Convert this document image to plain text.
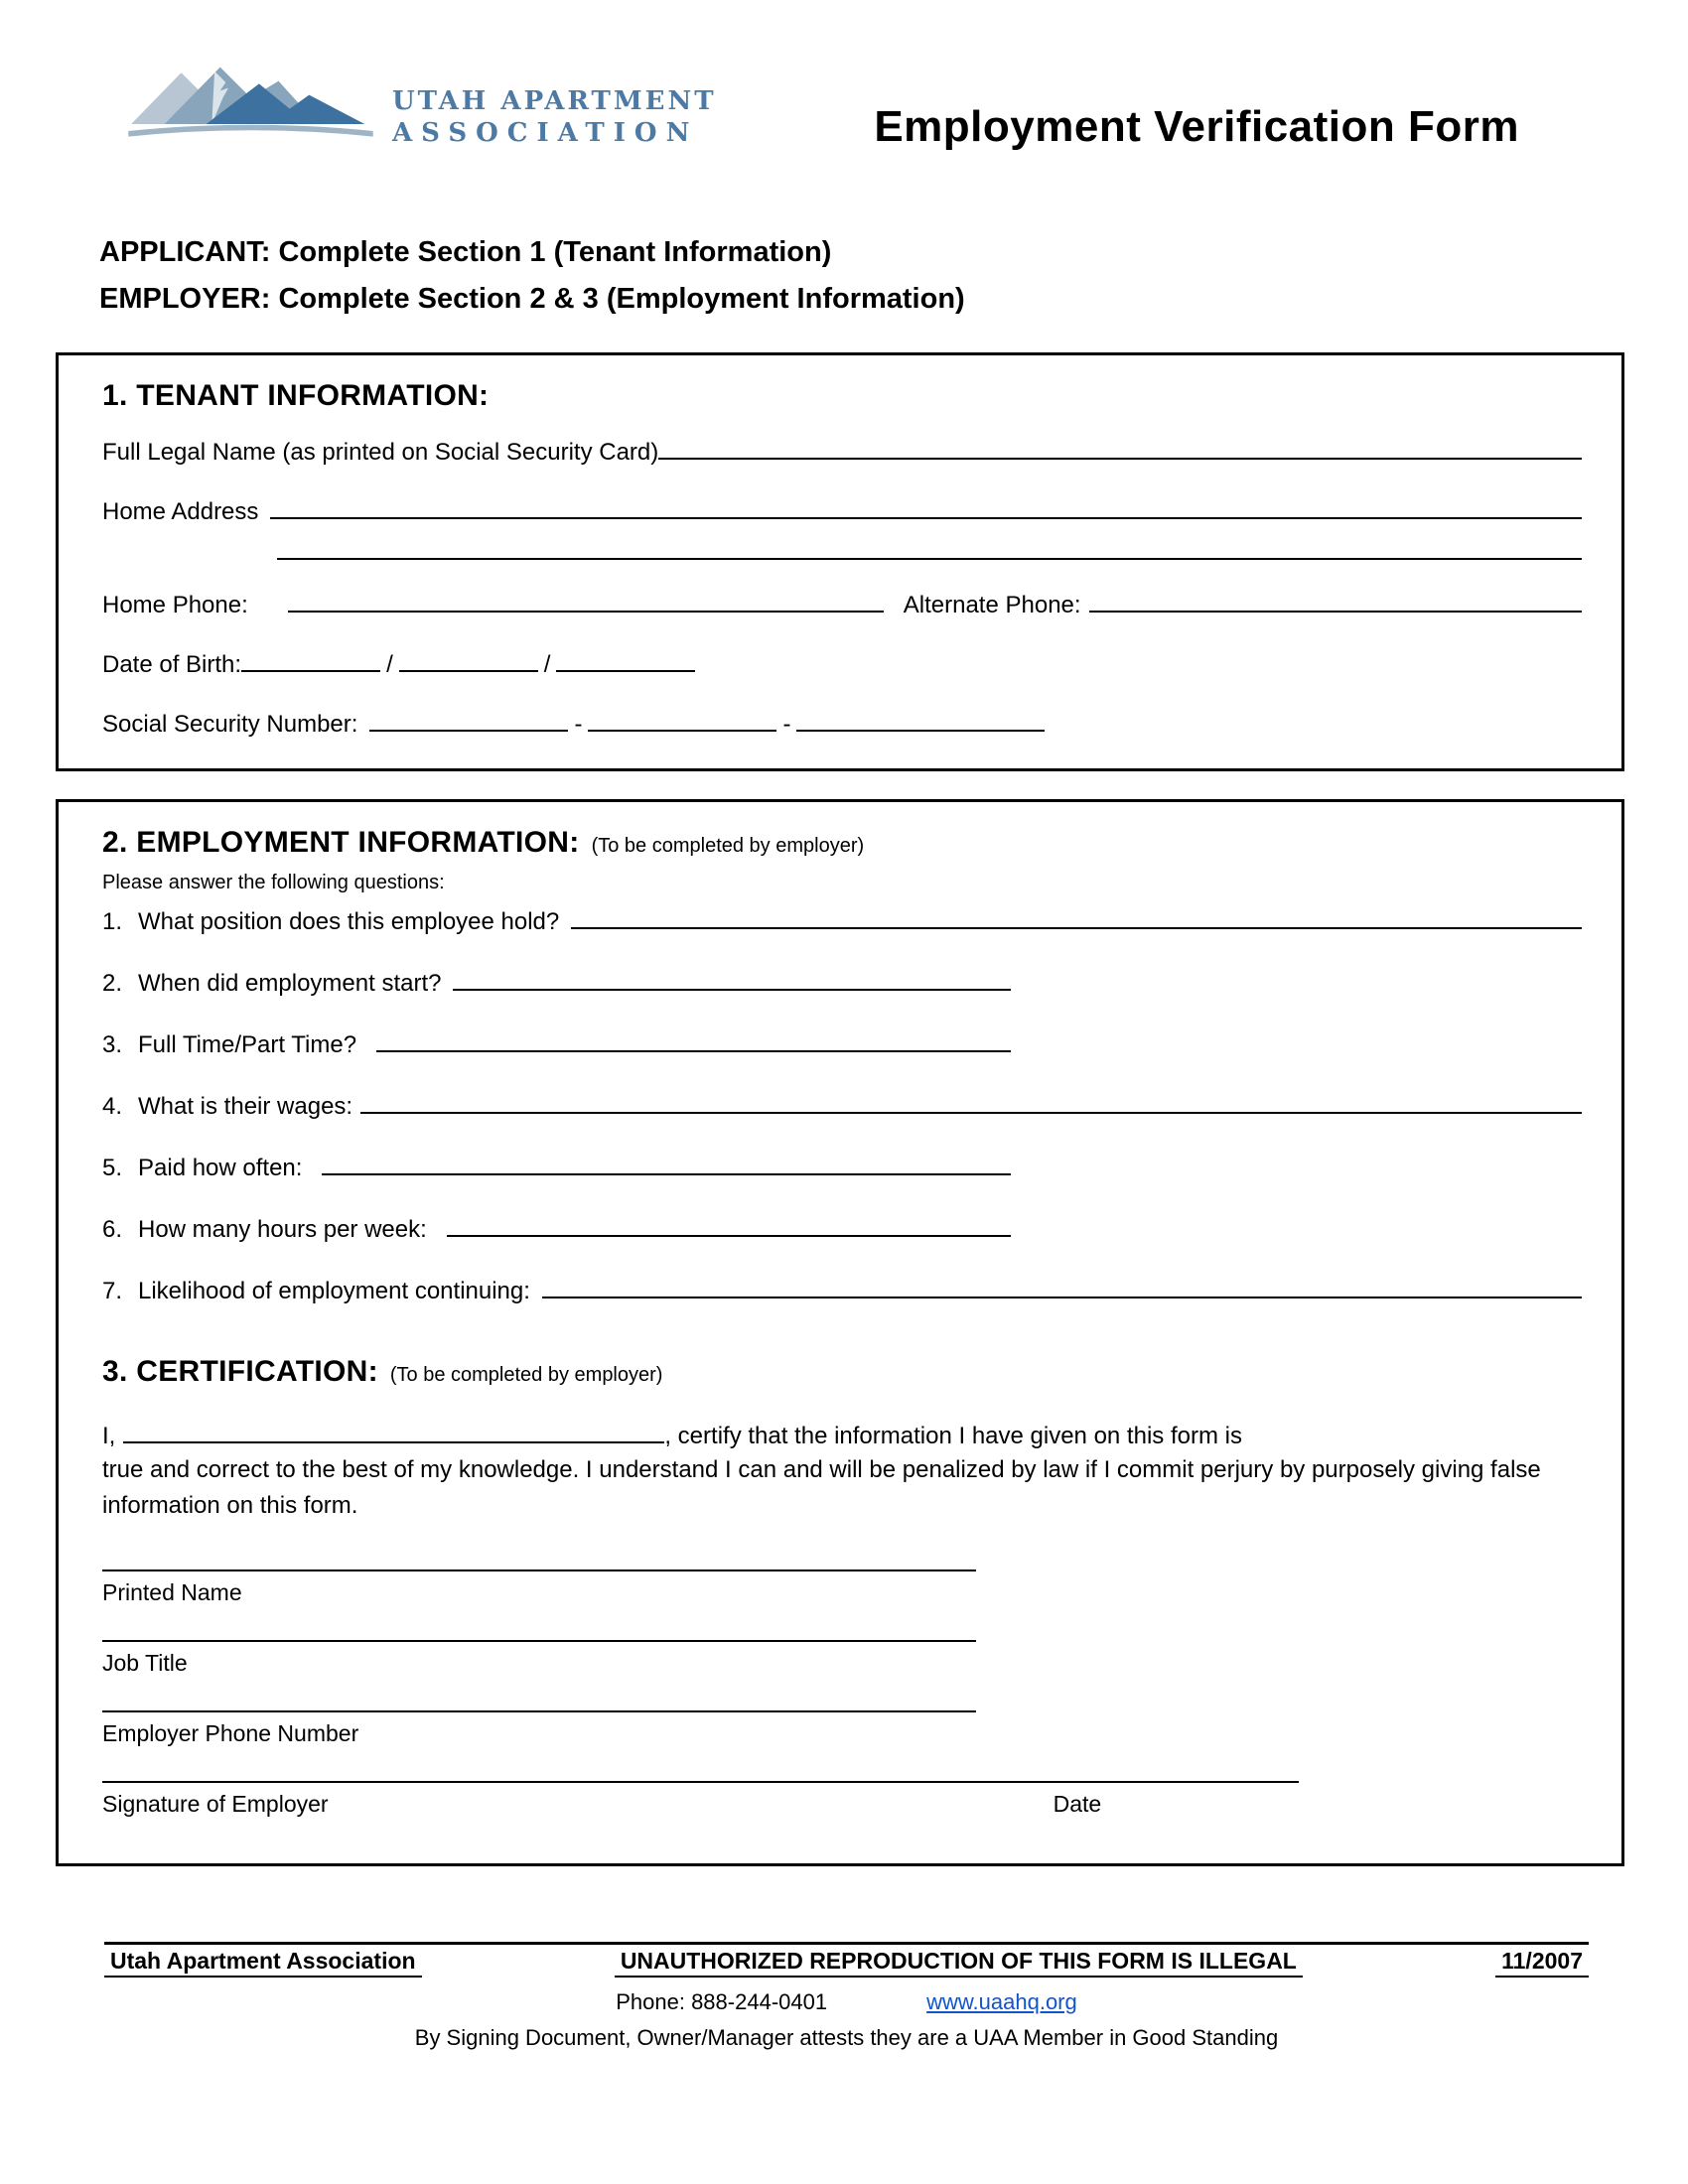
UTAH APARTMENT
ASSOCIATION	Employment Verification Form
APPLICANT: Complete Section 1 (Tenant Information)
EMPLOYER: Complete Section 2 & 3 (Employment Information)
1. TENANT INFORMATION:
Full Legal Name (as printed on Social Security Card)
Home Address
Home Phone:	Alternate Phone:
Date of Birth:	/	/
Social Security Number:	-	-
2. EMPLOYMENT INFORMATION: (To be completed by employer)
Please answer the following questions:
1. What position does this employee hold?
2. When did employment start?
3. Full Time/Part Time?
4. What is their wages:
5. Paid how often:
6. How many hours per week:
7. Likelihood of employment continuing:
3. CERTIFICATION: (To be completed by employer)
I,	, certify that the information I have given on this form is

true and correct to the best of my knowledge. I understand I can and will be penalized by law if I commit perjury by purposely giving false information on this form.

Printed Name
Job Title
Employer Phone Number
Signature of Employer	Date
Utah Apartment Association	UNAUTHORIZED REPRODUCTION OF THIS FORM IS ILLEGAL	11/2007
Phone: 888-244-0401	www.uaahq.org
By Signing Document, Owner/Manager attests they are a UAA Member in Good Standing
